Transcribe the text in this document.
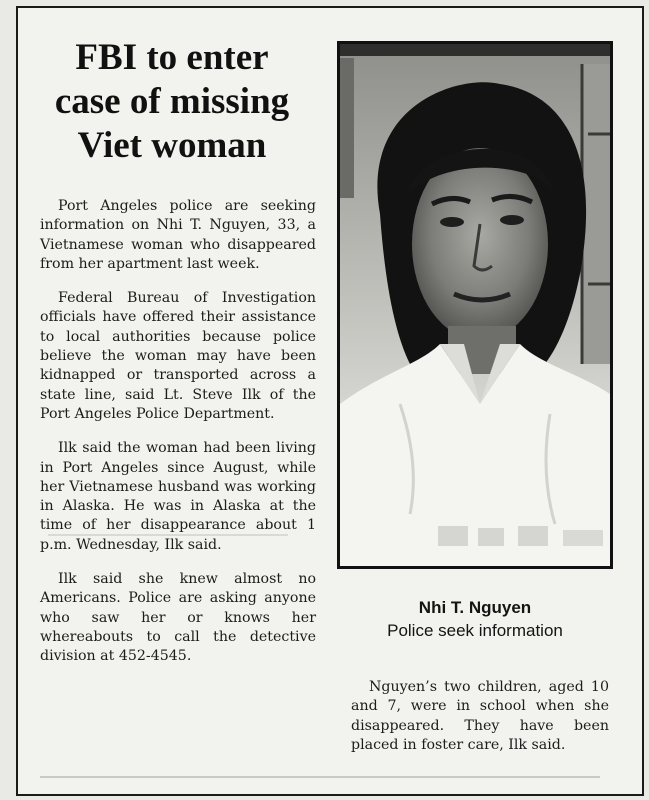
FBI to enter
case of missing
Viet woman

Port Angeles police are seeking information on Nhi T. Nguyen, 33, a Vietnamese woman who disappeared from her apartment last week.

Federal Bureau of Investigation officials have offered their assistance to local authorities because police believe the woman may have been kidnapped or transported across a state line, said Lt. Steve Ilk of the Port Angeles Police Department.

Ilk said the woman had been living in Port Angeles since August, while her Vietnamese husband was working in Alaska. He was in Alaska at the time of her disappearance about 1 p.m. Wednesday, Ilk said.

Ilk said she knew almost no Americans. Police are asking anyone who saw her or knows her whereabouts to call the detective division at 452-4545.

Nhi T. Nguyen
Police seek information

Nguyen’s two children, aged 10 and 7, were in school when she disappeared. They have been placed in foster care, Ilk said.
